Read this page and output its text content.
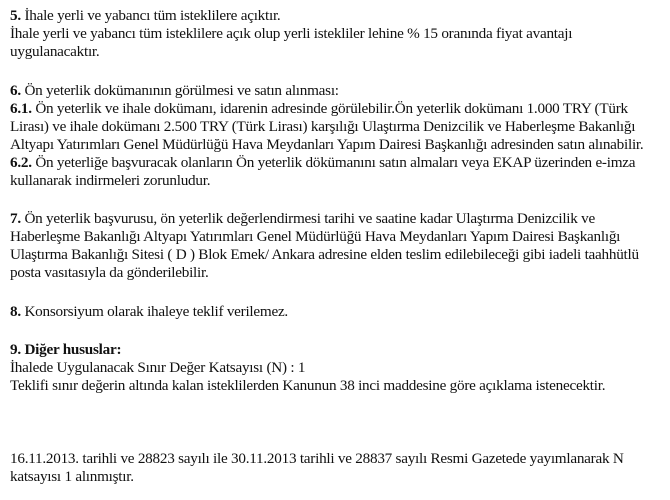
5. İhale yerli ve yabancı tüm isteklilere açıktır.
İhale yerli ve yabancı tüm isteklilere açık olup yerli istekliler lehine % 15 oranında fiyat avantajı
uygulanacaktır.
6. Ön yeterlik dokümanının görülmesi ve satın alınması:
6.1. Ön yeterlik ve ihale dokümanı, idarenin adresinde görülebilir.Ön yeterlik dokümanı 1.000 TRY (Türk
Lirası) ve ihale dokümanı 2.500 TRY (Türk Lirası) karşılığı Ulaştırma Denizcilik ve Haberleşme Bakanlığı
Altyapı Yatırımları Genel Müdürlüğü Hava Meydanları Yapım Dairesi Başkanlığı adresinden satın alınabilir.
6.2. Ön yeterliğe başvuracak olanların Ön yeterlik dökümanını satın almaları veya EKAP üzerinden e-imza
kullanarak indirmeleri zorunludur.
7. Ön yeterlik başvurusu, ön yeterlik değerlendirmesi tarihi ve saatine kadar Ulaştırma Denizcilik ve
Haberleşme Bakanlığı Altyapı Yatırımları Genel Müdürlüğü Hava Meydanları Yapım Dairesi Başkanlığı
Ulaştırma Bakanlığı Sitesi ( D ) Blok Emek/ Ankara adresine elden teslim edilebileceği gibi iadeli taahhütlü
posta vasıtasıyla da gönderilebilir.
8. Konsorsiyum olarak ihaleye teklif verilemez.
9. Diğer hususlar:
İhalede Uygulanacak Sınır Değer Katsayısı (N) : 1
Teklifi sınır değerin altında kalan isteklilerden Kanunun 38 inci maddesine göre açıklama istenecektir.
16.11.2013. tarihli ve 28823 sayılı ile 30.11.2013 tarihli ve 28837 sayılı Resmi Gazetede yayımlanarak N
katsayısı 1 alınmıştır.
